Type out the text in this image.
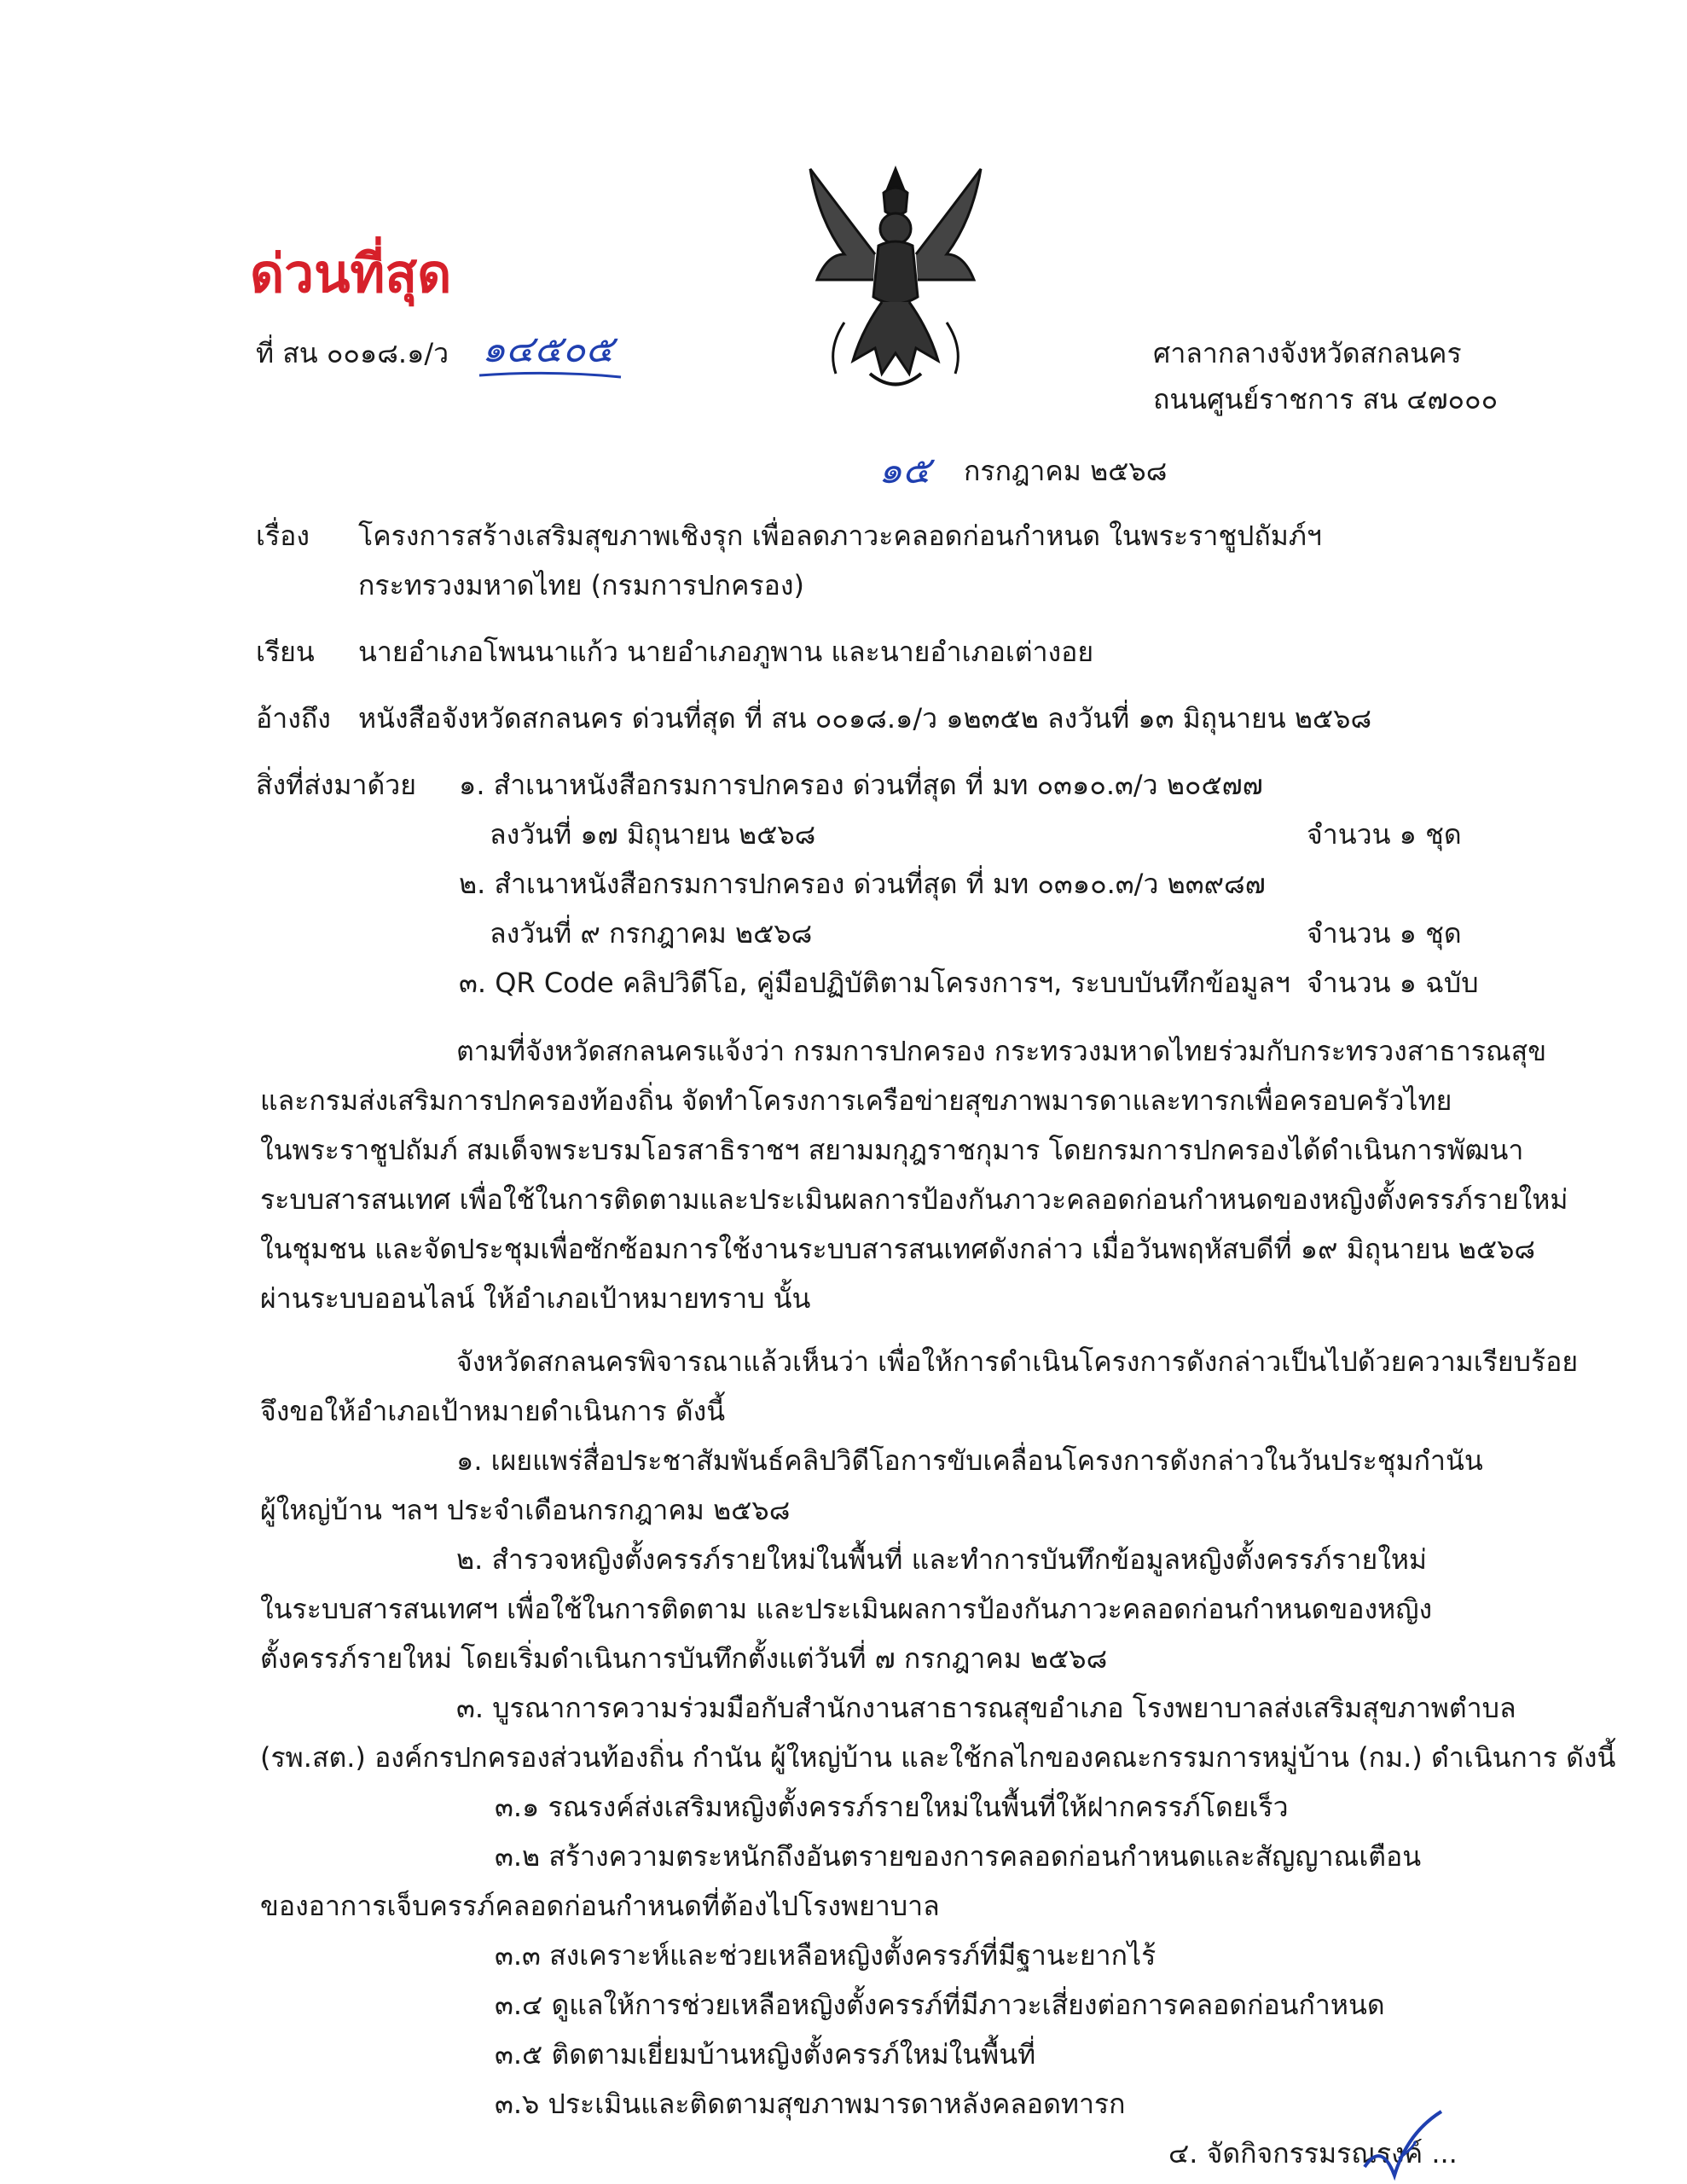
ด่วนที่สุด
ที่ สน ๐๐๑๘.๑/ว ๑๔๕๐๕	ศาลากลางจังหวัดสกลนคร
ถนนศูนย์ราชการ สน ๔๗๐๐๐
๑๕ กรกฎาคม ๒๕๖๘
เรื่อง โครงการสร้างเสริมสุขภาพเชิงรุก เพื่อลดภาวะคลอดก่อนกำหนด ในพระราชูปถัมภ์ฯ
กระทรวงมหาดไทย (กรมการปกครอง)
เรียน นายอำเภอโพนนาแก้ว นายอำเภอภูพาน และนายอำเภอเต่างอย
อ้างถึง หนังสือจังหวัดสกลนคร ด่วนที่สุด ที่ สน ๐๐๑๘.๑/ว ๑๒๓๕๒ ลงวันที่ ๑๓ มิถุนายน ๒๕๖๘
สิ่งที่ส่งมาด้วย ๑. สำเนาหนังสือกรมการปกครอง ด่วนที่สุด ที่ มท ๐๓๑๐.๓/ว ๒๐๕๗๗
ลงวันที่ ๑๗ มิถุนายน ๒๕๖๘	จำนวน ๑ ชุด
๒. สำเนาหนังสือกรมการปกครอง ด่วนที่สุด ที่ มท ๐๓๑๐.๓/ว ๒๓๙๘๗
ลงวันที่ ๙ กรกฎาคม ๒๕๖๘	จำนวน ๑ ชุด
๓. QR Code คลิปวิดีโอ, คู่มือปฏิบัติตามโครงการฯ, ระบบบันทึกข้อมูลฯ จำนวน ๑ ฉบับ
ตามที่จังหวัดสกลนครแจ้งว่า กรมการปกครอง กระทรวงมหาดไทยร่วมกับกระทรวงสาธารณสุข
และกรมส่งเสริมการปกครองท้องถิ่น จัดทำโครงการเครือข่ายสุขภาพมารดาและทารกเพื่อครอบครัวไทย
ในพระราชูปถัมภ์ สมเด็จพระบรมโอรสาธิราชฯ สยามมกุฎราชกุมาร โดยกรมการปกครองได้ดำเนินการพัฒนา
ระบบสารสนเทศ เพื่อใช้ในการติดตามและประเมินผลการป้องกันภาวะคลอดก่อนกำหนดของหญิงตั้งครรภ์รายใหม่
ในชุมชน และจัดประชุมเพื่อซักซ้อมการใช้งานระบบสารสนเทศดังกล่าว เมื่อวันพฤหัสบดีที่ ๑๙ มิถุนายน ๒๕๖๘
ผ่านระบบออนไลน์ ให้อำเภอเป้าหมายทราบ นั้น
จังหวัดสกลนครพิจารณาแล้วเห็นว่า เพื่อให้การดำเนินโครงการดังกล่าวเป็นไปด้วยความเรียบร้อย
จึงขอให้อำเภอเป้าหมายดำเนินการ ดังนี้
๑. เผยแพร่สื่อประชาสัมพันธ์คลิปวิดีโอการขับเคลื่อนโครงการดังกล่าวในวันประชุมกำนัน
ผู้ใหญ่บ้าน ฯลฯ ประจำเดือนกรกฎาคม ๒๕๖๘
๒. สำรวจหญิงตั้งครรภ์รายใหม่ในพื้นที่ และทำการบันทึกข้อมูลหญิงตั้งครรภ์รายใหม่
ในระบบสารสนเทศฯ เพื่อใช้ในการติดตาม และประเมินผลการป้องกันภาวะคลอดก่อนกำหนดของหญิง
ตั้งครรภ์รายใหม่ โดยเริ่มดำเนินการบันทึกตั้งแต่วันที่ ๗ กรกฎาคม ๒๕๖๘
๓. บูรณาการความร่วมมือกับสำนักงานสาธารณสุขอำเภอ โรงพยาบาลส่งเสริมสุขภาพตำบล
(รพ.สต.) องค์กรปกครองส่วนท้องถิ่น กำนัน ผู้ใหญ่บ้าน และใช้กลไกของคณะกรรมการหมู่บ้าน (กม.) ดำเนินการ ดังนี้
๓.๑ รณรงค์ส่งเสริมหญิงตั้งครรภ์รายใหม่ในพื้นที่ให้ฝากครรภ์โดยเร็ว
๓.๒ สร้างความตระหนักถึงอันตรายของการคลอดก่อนกำหนดและสัญญาณเตือน
ของอาการเจ็บครรภ์คลอดก่อนกำหนดที่ต้องไปโรงพยาบาล
๓.๓ สงเคราะห์และช่วยเหลือหญิงตั้งครรภ์ที่มีฐานะยากไร้
๓.๔ ดูแลให้การช่วยเหลือหญิงตั้งครรภ์ที่มีภาวะเสี่ยงต่อการคลอดก่อนกำหนด
๓.๕ ติดตามเยี่ยมบ้านหญิงตั้งครรภ์ใหม่ในพื้นที่
๓.๖ ประเมินและติดตามสุขภาพมารดาหลังคลอดทารก
๔. จัดกิจกรรมรณรงค์ ...
